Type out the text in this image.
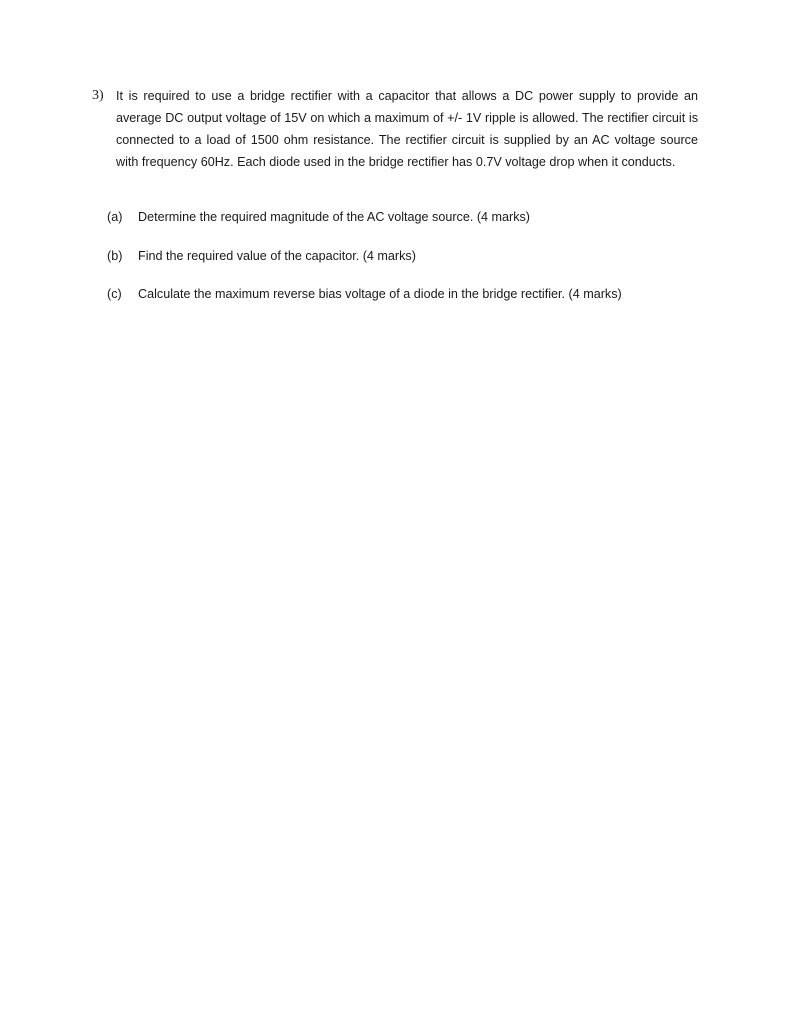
3) It is required to use a bridge rectifier with a capacitor that allows a DC power supply to provide an average DC output voltage of 15V on which a maximum of +/- 1V ripple is allowed. The rectifier circuit is connected to a load of 1500 ohm resistance. The rectifier circuit is supplied by an AC voltage source with frequency 60Hz. Each diode used in the bridge rectifier has 0.7V voltage drop when it conducts.
(a) Determine the required magnitude of the AC voltage source. (4 marks)
(b) Find the required value of the capacitor. (4 marks)
(c) Calculate the maximum reverse bias voltage of a diode in the bridge rectifier. (4 marks)
